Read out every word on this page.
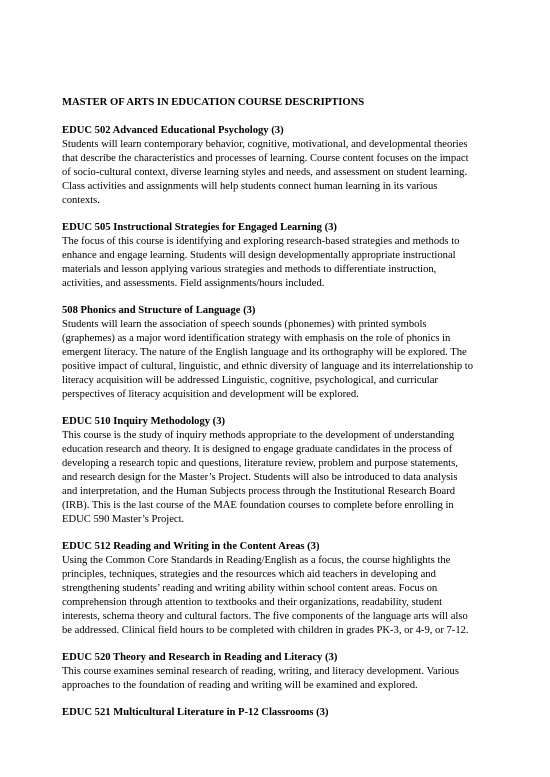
MASTER OF ARTS IN EDUCATION COURSE DESCRIPTIONS
EDUC 502 Advanced Educational Psychology (3)
Students will learn contemporary behavior, cognitive, motivational, and developmental theories
that describe the characteristics and processes of learning. Course content focuses on the impact
of socio-cultural context, diverse learning styles and needs, and assessment on student learning.
Class activities and assignments will help students connect human learning in its various
contexts.
EDUC 505 Instructional Strategies for Engaged Learning (3)
The focus of this course is identifying and exploring research-based strategies and methods to
enhance and engage learning. Students will design developmentally appropriate instructional
materials and lesson applying various strategies and methods to differentiate instruction,
activities, and assessments. Field assignments/hours included.
508 Phonics and Structure of Language (3)
Students will learn the association of speech sounds (phonemes) with printed symbols
(graphemes) as a major word identification strategy with emphasis on the role of phonics in
emergent literacy. The nature of the English language and its orthography will be explored. The
positive impact of cultural, linguistic, and ethnic diversity of language and its interrelationship to
literacy acquisition will be addressed Linguistic, cognitive, psychological, and curricular
perspectives of literacy acquisition and development will be explored.
EDUC 510 Inquiry Methodology (3)
This course is the study of inquiry methods appropriate to the development of understanding
education research and theory. It is designed to engage graduate candidates in the process of
developing a research topic and questions, literature review, problem and purpose statements,
and research design for the Master’s Project. Students will also be introduced to data analysis
and interpretation, and the Human Subjects process through the Institutional Research Board
(IRB). This is the last course of the MAE foundation courses to complete before enrolling in
EDUC 590 Master’s Project.
EDUC 512 Reading and Writing in the Content Areas (3)
Using the Common Core Standards in Reading/English as a focus, the course highlights the
principles, techniques, strategies and the resources which aid teachers in developing and
strengthening students’ reading and writing ability within school content areas. Focus on
comprehension through attention to textbooks and their organizations, readability, student
interests, schema theory and cultural factors. The five components of the language arts will also
be addressed. Clinical field hours to be completed with children in grades PK-3, or 4-9, or 7-12.
EDUC 520 Theory and Research in Reading and Literacy (3)
This course examines seminal research of reading, writing, and literacy development. Various
approaches to the foundation of reading and writing will be examined and explored.
EDUC 521 Multicultural Literature in P-12 Classrooms (3)
